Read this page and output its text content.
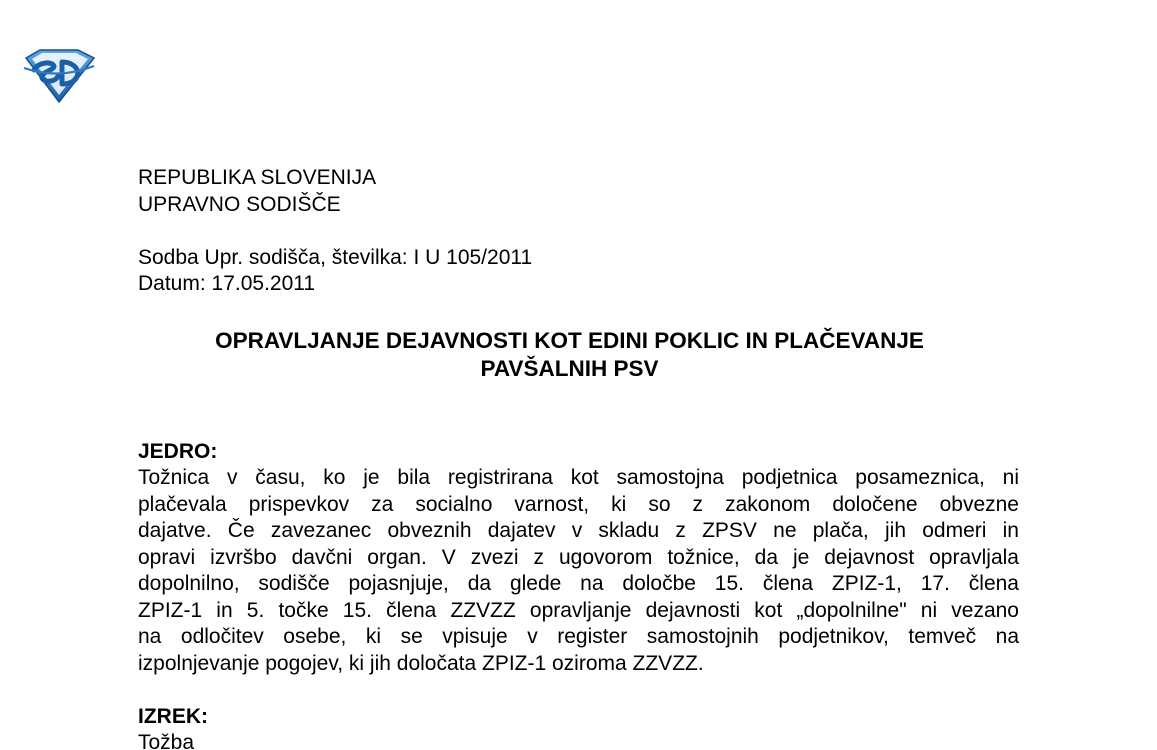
REPUBLIKA SLOVENIJA
UPRAVNO SODIŠČE
Sodba Upr. sodišča, številka: I U 105/2011
Datum: 17.05.2011
OPRAVLJANJE DEJAVNOSTI KOT EDINI POKLIC IN PLAČEVANJE
PAVŠALNIH PSV
JEDRO:
Tožnica v času, ko je bila registrirana kot samostojna podjetnica posameznica, ni
plačevala prispevkov za socialno varnost, ki so z zakonom določene obvezne
dajatve. Če zavezanec obveznih dajatev v skladu z ZPSV ne plača, jih odmeri in
opravi izvršbo davčni organ. V zvezi z ugovorom tožnice, da je dejavnost opravljala
dopolnilno, sodišče pojasnjuje, da glede na določbe 15. člena ZPIZ-1, 17. člena
ZPIZ-1 in 5. točke 15. člena ZZVZZ opravljanje dejavnosti kot „dopolnilne" ni vezano
na odločitev osebe, ki se vpisuje v register samostojnih podjetnikov, temveč na
izpolnjevanje pogojev, ki jih določata ZPIZ-1 oziroma ZZVZZ.
IZREK:
Tožba
